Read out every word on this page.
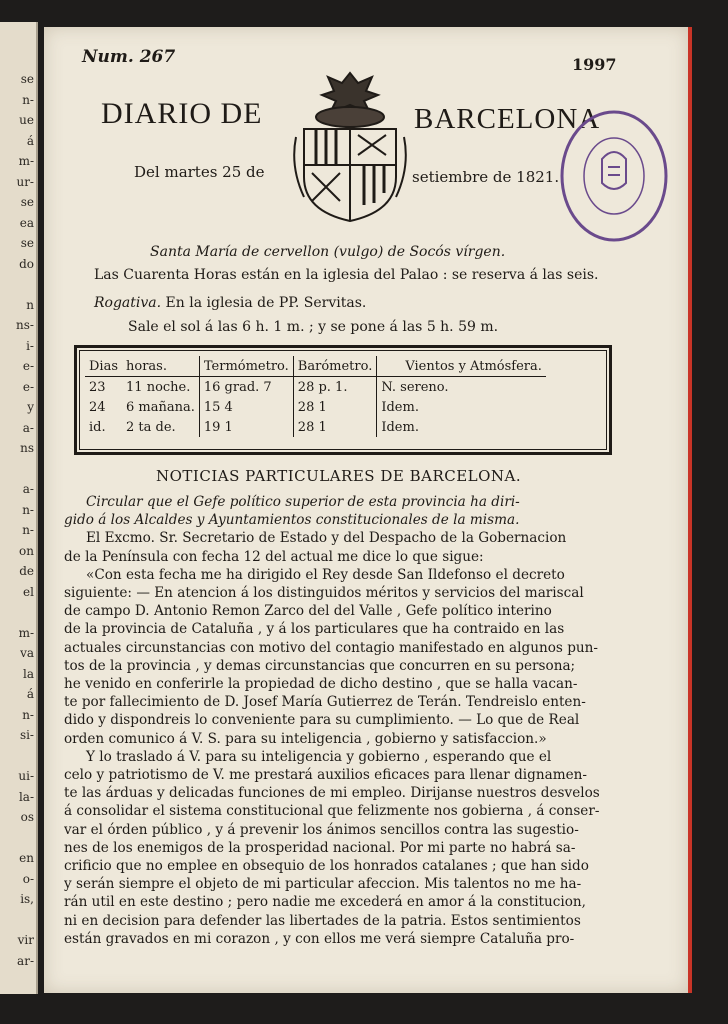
se
n-
ue
á
m-
ur-
se
ea
se
do
n
ns-
i-
e-
e-
y
a-
ns
a-
n-
n-
on
de
el
m-
va
la
á
n-
si-
ui-
la-
os
en
o-
is,
vir
ar-
Num. 267	1997
DIARIO DE	BARCELONA
Del martes 25 de	setiembre de 1821.
Santa María de cervellon (vulgo) de Socós vírgen.
Las Cuarenta Horas están en la iglesia del Palao : se reserva á las seis.
Rogativa. En la iglesia de PP. Servitas.
Sale el sol á las 6 h. 1 m. ; y se pone á las 5 h. 59 m.
Dias	horas.	Termómetro.	Barómetro.	Vientos y Atmósfera.
23	11 noche.	16 grad. 7	28 p. 1.	N. sereno.
24	6 mañana.	15 4	28 1	Idem.
id.	2 ta de.	19 1	28 1	Idem.
NOTICIAS PARTICULARES DE BARCELONA.
Circular que el Gefe político superior de esta provincia ha diri-
gido á los Alcaldes y Ayuntamientos constitucionales de la misma.
El Excmo. Sr. Secretario de Estado y del Despacho de la Gobernacion
de la Península con fecha 12 del actual me dice lo que sigue:
«Con esta fecha me ha dirigido el Rey desde San Ildefonso el decreto
siguiente: — En atencion á los distinguidos méritos y servicios del mariscal
de campo D. Antonio Remon Zarco del del Valle , Gefe político interino
de la provincia de Cataluña , y á los particulares que ha contraido en las
actuales circunstancias con motivo del contagio manifestado en algunos pun-
tos de la provincia , y demas circunstancias que concurren en su persona;
he venido en conferirle la propiedad de dicho destino , que se halla vacan-
te por fallecimiento de D. Josef María Gutierrez de Terán. Tendreislo enten-
dido y dispondreis lo conveniente para su cumplimiento. — Lo que de Real
orden comunico á V. S. para su inteligencia , gobierno y satisfaccion.»
Y lo traslado á V. para su inteligencia y gobierno , esperando que el
celo y patriotismo de V. me prestará auxilios eficaces para llenar dignamen-
te las árduas y delicadas funciones de mi empleo. Dirijanse nuestros desvelos
á consolidar el sistema constitucional que felizmente nos gobierna , á conser-
var el órden público , y á prevenir los ánimos sencillos contra las sugestio-
nes de los enemigos de la prosperidad nacional. Por mi parte no habrá sa-
crificio que no emplee en obsequio de los honrados catalanes ; que han sido
y serán siempre el objeto de mi particular afeccion. Mis talentos no me ha-
rán util en este destino ; pero nadie me excederá en amor á la constitucion,
ni en decision para defender las libertades de la patria. Estos sentimientos
están gravados en mi corazon , y con ellos me verá siempre Cataluña pro-
